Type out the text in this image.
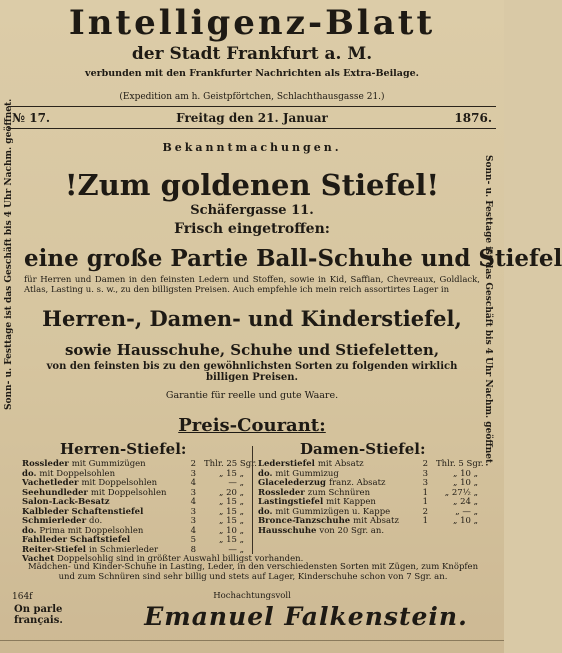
Intelligenz-Blatt
der Stadt Frankfurt a. M.
verbunden mit den Frankfurter Nachrichten als Extra-Beilage.
(Expedition am h. Geistpförtchen, Schlachthausgasse 21.)
№ 17.	Freitag den 21. Januar	1876.
Bekanntmachungen.
Sonn- u. Festtage ist das Geschäft bis 4 Uhr Nachm. geöffnet.	Sonn- u. Festtage ist das Geschäft bis 4 Uhr Nachm. geöffnet.
!Zum goldenen Stiefel!
Schäfergasse 11.
Frisch eingetroffen:
eine große Partie Ball-Schuhe und Stiefel
für Herren und Damen in den feinsten Ledern und Stoffen, sowie in Kid, Saffian, Chevreaux, Goldlack, Atlas, Lasting u. s. w., zu den billigsten Preisen. Auch empfehle ich mein reich assortirtes Lager in
Herren-, Damen- und Kinderstiefel,
sowie Hausschuhe, Schuhe und Stiefeletten,
von den feinsten bis zu den gewöhnlichsten Sorten zu folgenden wirklich billigen Preisen.
Garantie für reelle und gute Waare.
Preis-Courant:
Herren-Stiefel:	Damen-Stiefel:
Rossleder mit Gummizügen	2 Thlr. 25 Sgr.
do. mit Doppelsohlen	3	„ 15 „
Vachetleder mit Doppelsohlen	4	— „
Seehundleder mit Doppelsohlen	3	„ 20 „
Salon-Lack-Besatz	4	„ 15 „
Kalbleder Schaftenstiefel	3	„ 15 „
Schmierleder do.	3	„ 15 „
do. Prima mit Doppelsohlen	4	„ 10 „
Fahlleder Schaftstiefel	5	„ 15 „
Reiter-Stiefel in Schmierleder	8	— „
Vachet Doppelsohlig sind in größter Auswahl billigst vorhanden.
Lederstiefel mit Absatz	2 Thlr. 5 Sgr.
do. mit Gummizug	3	„ 10 „
Glacelederzug franz. Absatz	3	„ 10 „
Rossleder zum Schnüren	1	„ 27½ „
Lastingstiefel mit Kappen	1	„ 24 „
do. mit Gummizügen u. Kappe	2	„ — „
Bronce-Tanzschuhe mit Absatz	1	„ 10 „
Hausschuhe von 20 Sgr. an.
Mädchen- und Kinder-Schuhe in Lasting, Leder, in den verschiedensten Sorten mit Zügen, zum Knöpfen und zum Schnüren sind sehr billig und stets auf Lager, Kinderschuhe schon von 7 Sgr. an.
Hochachtungsvoll
164f
On parle
français.	Emanuel Falkenstein.
